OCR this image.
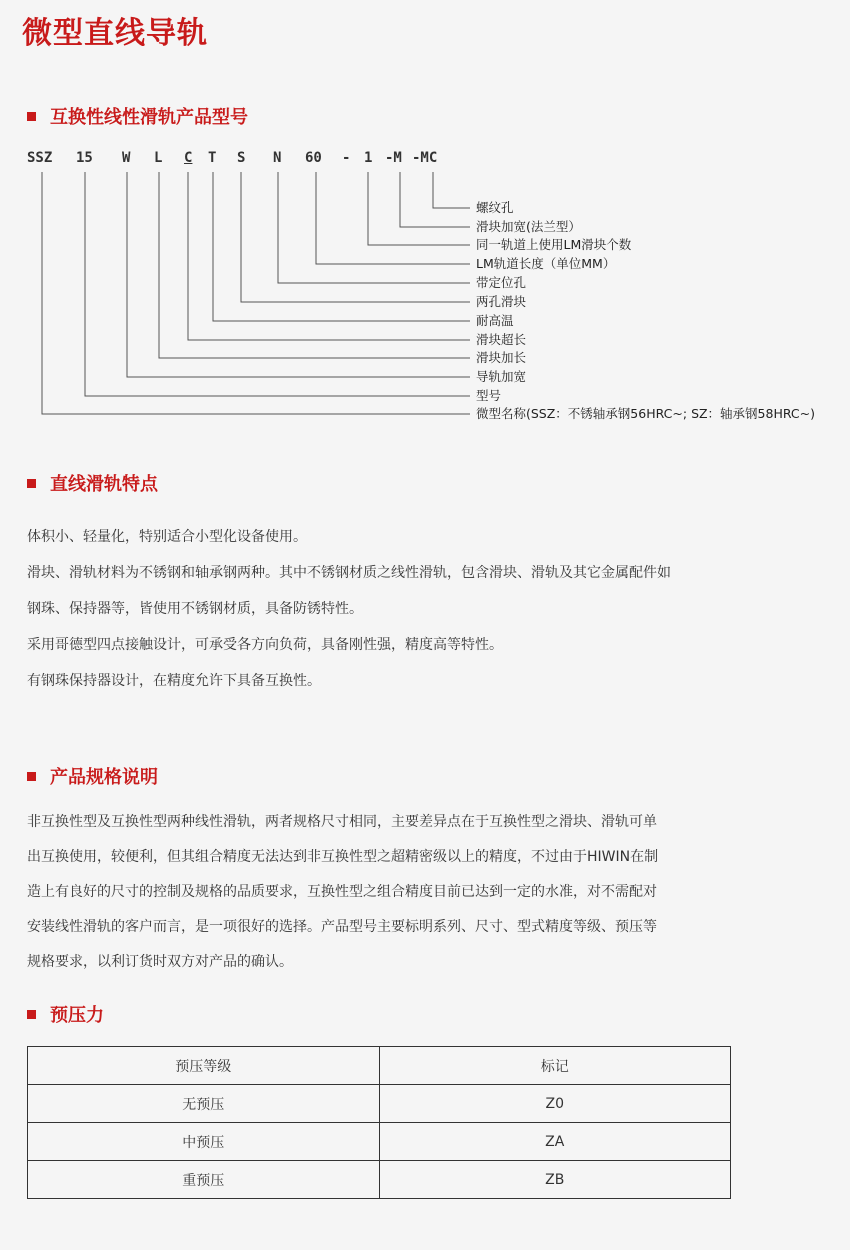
微型直线导轨
互换性线性滑轨产品型号
SSZ 15 W L C T S N 60 - 1 -M -MC
螺纹孔
滑块加宽(法兰型）
同一轨道上使用LM滑块个数
LM轨道长度（单位MM）
带定位孔
两孔滑块
耐高温
滑块超长
滑块加长
导轨加宽
型号
微型名称(SSZ：不锈轴承钢56HRC~; SZ：轴承钢58HRC~)
直线滑轨特点

体积小、轻量化，特别适合小型化设备使用。

滑块、滑轨材料为不锈钢和轴承钢两种。其中不锈钢材质之线性滑轨，包含滑块、滑轨及其它金属配件如

钢珠、保持器等，皆使用不锈钢材质，具备防锈特性。

采用哥德型四点接触设计，可承受各方向负荷，具备刚性强，精度高等特性。

有钢珠保持器设计，在精度允许下具备互换性。

产品规格说明

非互换性型及互换性型两种线性滑轨，两者规格尺寸相同，主要差异点在于互换性型之滑块、滑轨可单

出互换使用，较便利，但其组合精度无法达到非互换性型之超精密级以上的精度，不过由于HIWIN在制

造上有良好的尺寸的控制及规格的品质要求，互换性型之组合精度目前已达到一定的水准，对不需配对

安装线性滑轨的客户而言，是一项很好的选择。产品型号主要标明系列、尺寸、型式精度等级、预压等

规格要求，以利订货时双方对产品的确认。

预压力
预压等级	标记
无预压	Z0
中预压	ZA
重预压	ZB
